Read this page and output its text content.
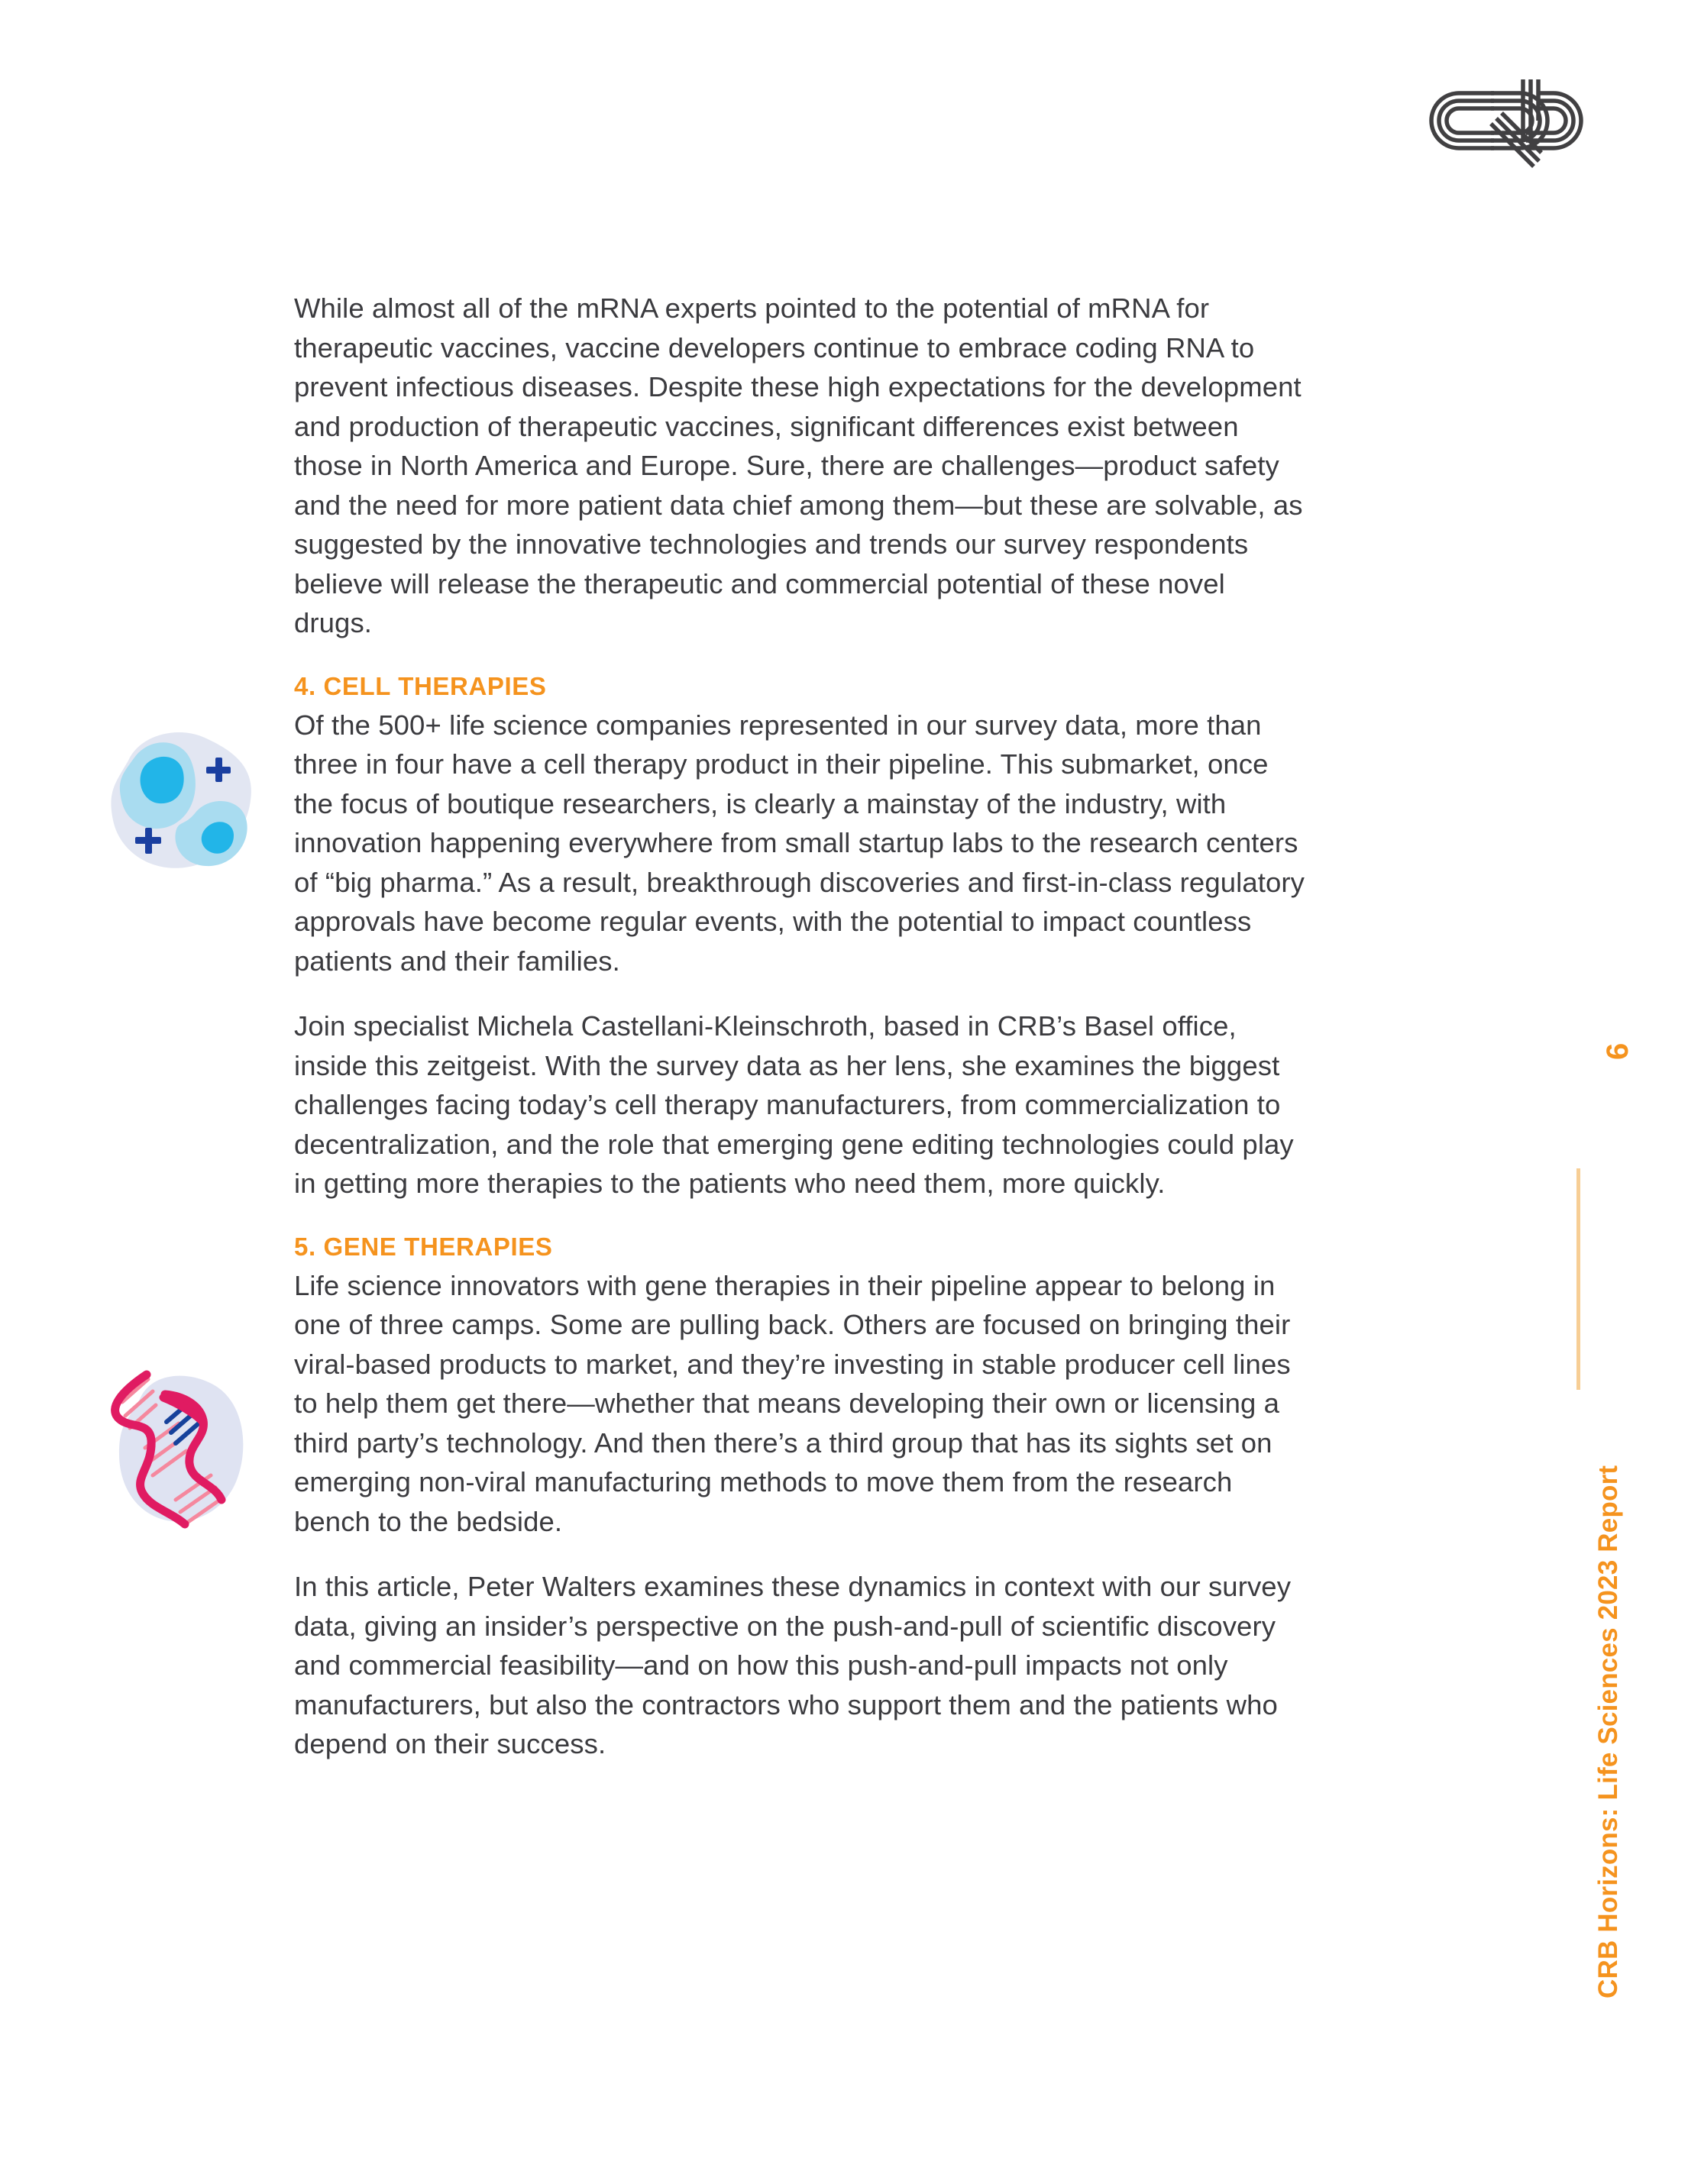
While almost all of the mRNA experts pointed to the potential of mRNA for therapeutic vaccines, vaccine developers continue to embrace coding RNA to prevent infectious diseases. Despite these high expectations for the development and production of therapeutic vaccines, significant differences exist between those in North America and Europe. Sure, there are challenges—product safety and the need for more patient data chief among them—but these are solvable, as suggested by the innovative technologies and trends our survey respondents believe will release the therapeutic and commercial potential of these novel drugs.

4. CELL THERAPIES

Of the 500+ life science companies represented in our survey data, more than three in four have a cell therapy product in their pipeline. This submarket, once the focus of boutique researchers, is clearly a mainstay of the industry, with innovation happening everywhere from small startup labs to the research centers of “big pharma.” As a result, breakthrough discoveries and first-in-class regulatory approvals have become regular events, with the potential to impact countless patients and their families.

Join specialist Michela Castellani-Kleinschroth, based in CRB’s Basel office, inside this zeitgeist. With the survey data as her lens, she examines the biggest challenges facing today’s cell therapy manufacturers, from commercialization to decentralization, and the role that emerging gene editing technologies could play in getting more therapies to the patients who need them, more quickly.

5. GENE THERAPIES

Life science innovators with gene therapies in their pipeline appear to belong in one of three camps. Some are pulling back. Others are focused on bringing their viral-based products to market, and they’re investing in stable producer cell lines to help them get there—whether that means developing their own or licensing a third party’s technology. And then there’s a third group that has its sights set on emerging non-viral manufacturing methods to move them from the research bench to the bedside.

In this article, Peter Walters examines these dynamics in context with our survey data, giving an insider’s perspective on the push-and-pull of scientific discovery and commercial feasibility—and on how this push-and-pull impacts not only manufacturers, but also the contractors who support them and the patients who depend on their success.

6
CRB Horizons: Life Sciences 2023 Report
